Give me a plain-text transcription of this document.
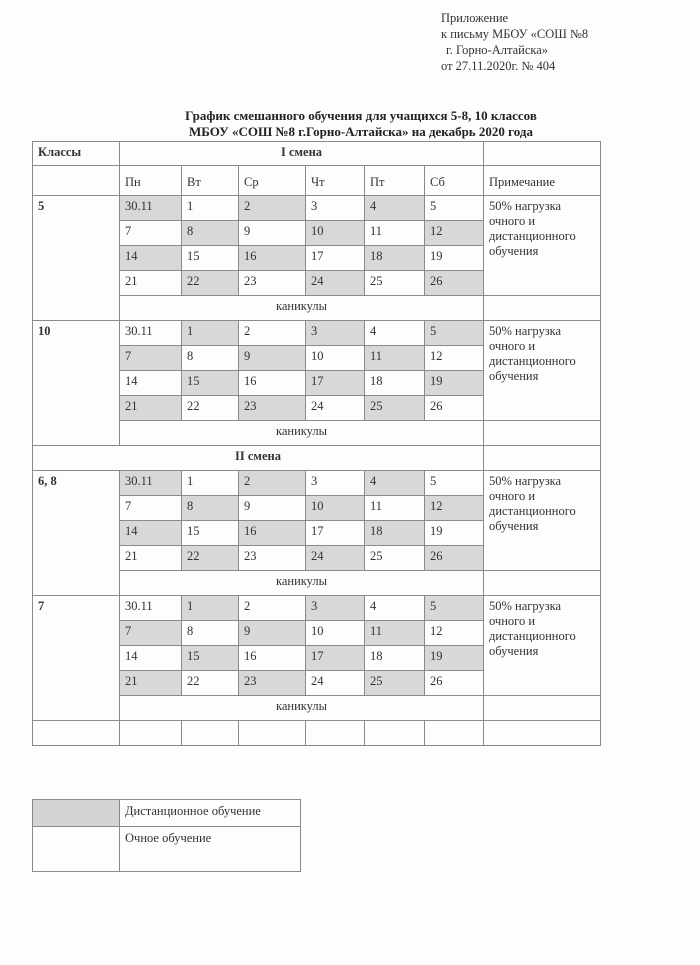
Приложение
к письму МБОУ «СОШ №8
г. Горно-Алтайска»
от 27.11.2020г. № 404
График смешанного обучения для учащихся 5-8, 10 классов
МБОУ «СОШ №8 г.Горно-Алтайска» на декабрь 2020 года
Классы	I смена						
	Пн	Вт	Ср	Чт	Пт	Сб	Примечание
5	30.11	1	2	3	4	5	50% нагрузка очного и дистанционного обучения
	7	8	9	10	11	12	
	14	15	16	17	18	19	
	21	22	23	24	25	26	
	каникулы						
10	30.11	1	2	3	4	5	50% нагрузка очного и дистанционного обучения
	7	8	9	10	11	12	
	14	15	16	17	18	19	
	21	22	23	24	25	26	
	каникулы						
II смена							
6, 8	30.11	1	2	3	4	5	50% нагрузка очного и дистанционного обучения
	7	8	9	10	11	12	
	14	15	16	17	18	19	
	21	22	23	24	25	26	
	каникулы						
7	30.11	1	2	3	4	5	50% нагрузка очного и дистанционного обучения
	7	8	9	10	11	12	
	14	15	16	17	18	19	
	21	22	23	24	25	26	
	каникулы						

	Дистанционное обучение
	Очное обучение
